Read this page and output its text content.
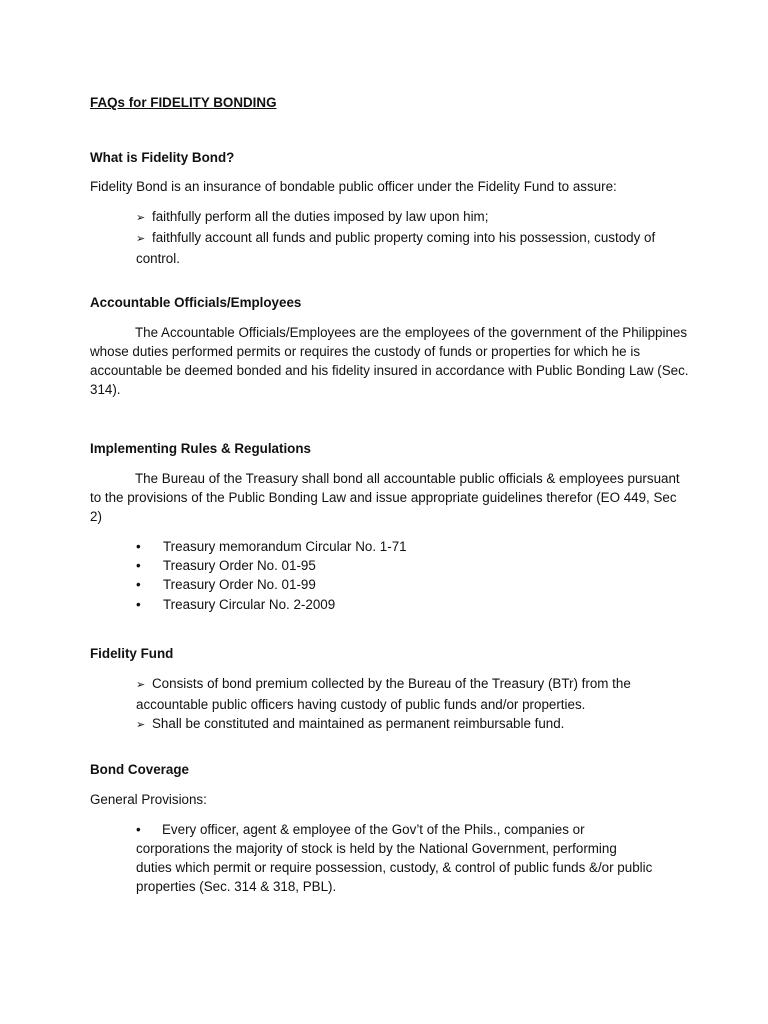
FAQs for FIDELITY BONDING
What is Fidelity Bond?

Fidelity Bond is an insurance of bondable public officer under the Fidelity Fund to assure:

➢ faithfully perform all the duties imposed by law upon him;
➢ faithfully account all funds and public property coming into his possession, custody of control.
Accountable Officials/Employees

The Accountable Officials/Employees are the employees of the government of the Philippines whose duties performed permits or requires the custody of funds or properties for which he is accountable be deemed bonded and his fidelity insured in accordance with Public Bonding Law (Sec. 314).

Implementing Rules & Regulations

The Bureau of the Treasury shall bond all accountable public officials & employees pursuant to the provisions of the Public Bonding Law and issue appropriate guidelines therefor (EO 449, Sec 2)

• Treasury memorandum Circular No. 1-71
• Treasury Order No. 01-95
• Treasury Order No. 01-99
• Treasury Circular No. 2-2009
Fidelity Fund
➢ Consists of bond premium collected by the Bureau of the Treasury (BTr) from the accountable public officers having custody of public funds and/or properties.
➢ Shall be constituted and maintained as permanent reimbursable fund.
Bond Coverage

General Provisions:

• Every officer, agent & employee of the Gov’t of the Phils., companies or corporations the majority of stock is held by the National Government, performing duties which permit or require possession, custody, & control of public funds &/or public properties (Sec. 314 & 318, PBL).
